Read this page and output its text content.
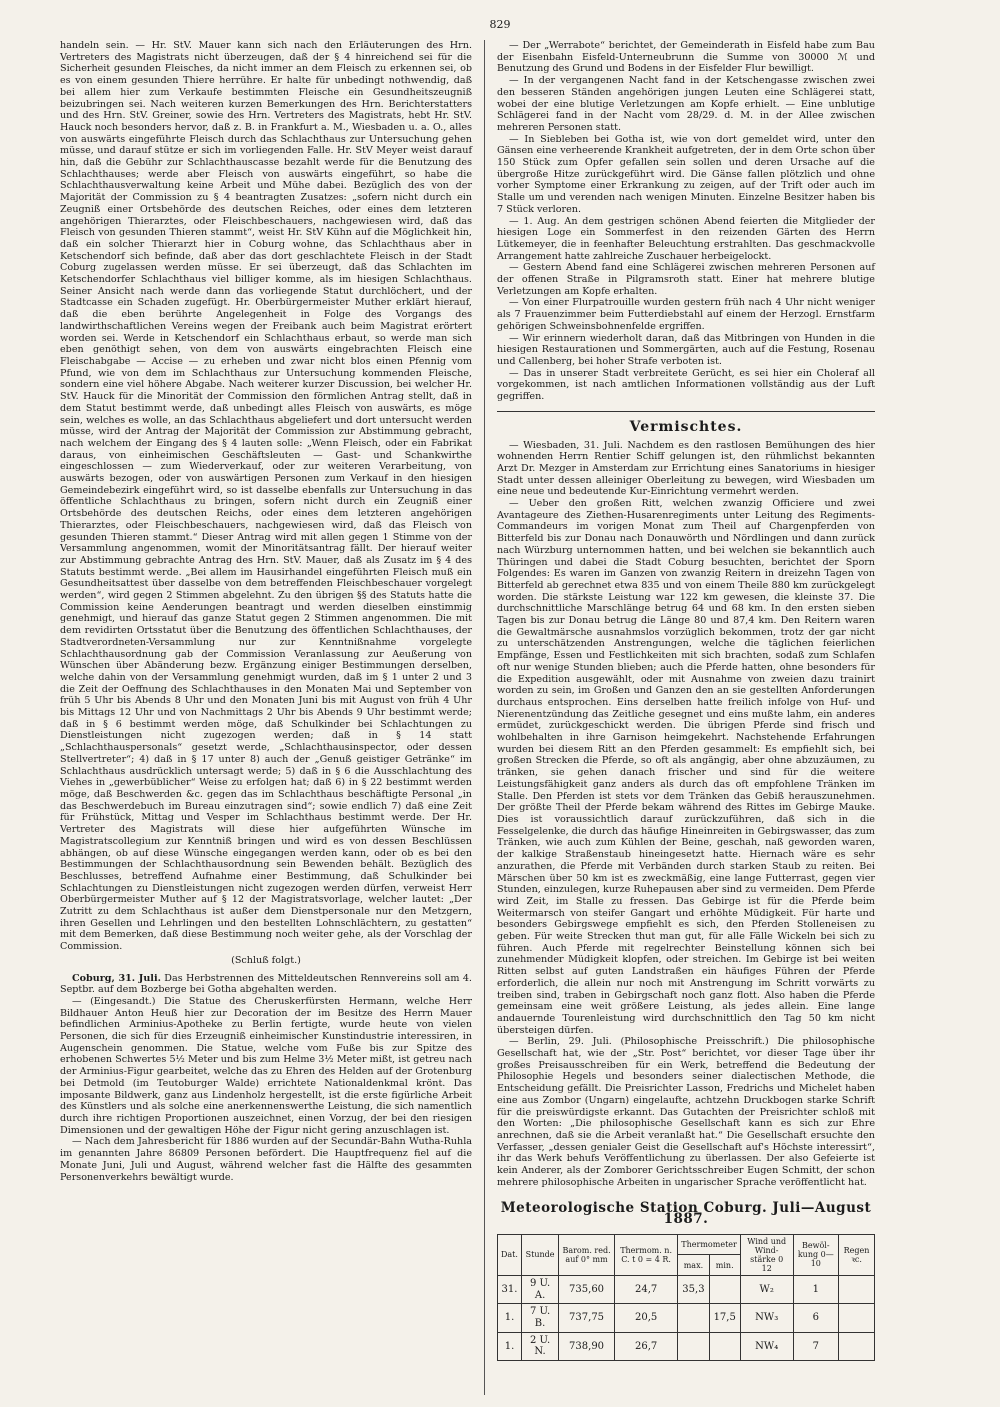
829

handeln sein. — Hr. StV. Mauer kann sich nach den Erläuterungen des Hrn. Vertreters des Magistrats nicht überzeugen, daß der § 4 hinreichend sei für die Sicherheit gesunden Fleisches, da nicht immer an dem Fleisch zu erkennen sei, ob es von einem gesunden Thiere herrühre. Er halte für unbedingt nothwendig, daß bei allem hier zum Verkaufe bestimmten Fleische ein Gesundheitszeugniß beizubringen sei. Nach weiteren kurzen Bemerkungen des Hrn. Berichterstatters und des Hrn. StV. Greiner, sowie des Hrn. Vertreters des Magistrats, hebt Hr. StV. Hauck noch besonders hervor, daß z. B. in Frankfurt a. M., Wiesbaden u. a. O., alles von auswärts eingeführte Fleisch durch das Schlachthaus zur Untersuchung gehen müsse, und darauf stütze er sich im vorliegenden Falle. Hr. StV Meyer weist darauf hin, daß die Gebühr zur Schlachthauscasse bezahlt werde für die Benutzung des Schlachthauses; werde aber Fleisch von auswärts eingeführt, so habe die Schlachthausverwaltung keine Arbeit und Mühe dabei. Bezüglich des von der Majorität der Commission zu § 4 beantragten Zusatzes: „sofern nicht durch ein Zeugniß einer Ortsbehörde des deutschen Reiches, oder eines dem letzteren angehörigen Thierarztes, oder Fleischbeschauers, nachgewiesen wird, daß das Fleisch von gesunden Thieren stammt“, weist Hr. StV Kühn auf die Möglichkeit hin, daß ein solcher Thierarzt hier in Coburg wohne, das Schlachthaus aber in Ketschendorf sich befinde, daß aber das dort geschlachtete Fleisch in der Stadt Coburg zugelassen werden müsse. Er sei überzeugt, daß das Schlachten im Ketschendorfer Schlachthaus viel billiger komme, als im hiesigen Schlachthaus. Seiner Ansicht nach werde dann das vorliegende Statut durchlöchert, und der Stadtcasse ein Schaden zugefügt. Hr. Oberbürgermeister Muther erklärt hierauf, daß die eben berührte Angelegenheit in Folge des Vorgangs des landwirthschaftlichen Vereins wegen der Freibank auch beim Magistrat erörtert worden sei. Werde in Ketschendorf ein Schlachthaus erbaut, so werde man sich eben genöthigt sehen, von dem von auswärts eingebrachten Fleisch eine Fleischabgabe — Accise — zu erheben und zwar nicht blos einen Pfennig vom Pfund, wie von dem im Schlachthaus zur Untersuchung kommenden Fleische, sondern eine viel höhere Abgabe. Nach weiterer kurzer Discussion, bei welcher Hr. StV. Hauck für die Minorität der Commission den förmlichen Antrag stellt, daß in dem Statut bestimmt werde, daß unbedingt alles Fleisch von auswärts, es möge sein, welches es wolle, an das Schlachthaus abgeliefert und dort untersucht werden müsse, wird der Antrag der Majorität der Commission zur Abstimmung gebracht, nach welchem der Eingang des § 4 lauten solle: „Wenn Fleisch, oder ein Fabrikat daraus, von einheimischen Geschäftsleuten — Gast- und Schankwirthe eingeschlossen — zum Wiederverkauf, oder zur weiteren Verarbeitung, von auswärts bezogen, oder von auswärtigen Personen zum Verkauf in den hiesigen Gemeindebezirk eingeführt wird, so ist dasselbe ebenfalls zur Untersuchung in das öffentliche Schlachthaus zu bringen, sofern nicht durch ein Zeugniß einer Ortsbehörde des deutschen Reichs, oder eines dem letzteren angehörigen Thierarztes, oder Fleischbeschauers, nachgewiesen wird, daß das Fleisch von gesunden Thieren stammt.“ Dieser Antrag wird mit allen gegen 1 Stimme von der Versammlung angenommen, womit der Minoritätsantrag fällt. Der hierauf weiter zur Abstimmung gebrachte Antrag des Hrn. StV. Mauer, daß als Zusatz im § 4 des Statuts bestimmt werde. „Bei allem im Hausirhandel eingeführten Fleisch muß ein Gesundheitsattest über dasselbe von dem betreffenden Fleischbeschauer vorgelegt werden“, wird gegen 2 Stimmen abgelehnt. Zu den übrigen §§ des Statuts hatte die Commission keine Aenderungen beantragt und werden dieselben einstimmig genehmigt, und hierauf das ganze Statut gegen 2 Stimmen angenommen. Die mit dem revidirten Ortsstatut über die Benutzung des öffentlichen Schlachthauses, der Stadtverordneten-Versammlung nur zur Kenntnißnahme vorgelegte Schlachthausordnung gab der Commission Veranlassung zur Aeußerung von Wünschen über Abänderung bezw. Ergänzung einiger Bestimmungen derselben, welche dahin von der Versammlung genehmigt wurden, daß im § 1 unter 2 und 3 die Zeit der Oeffnung des Schlachthauses in den Monaten Mai und September von früh 5 Uhr bis Abends 8 Uhr und den Monaten Juni bis mit August von früh 4 Uhr bis Mittags 12 Uhr und von Nachmittags 2 Uhr bis Abends 9 Uhr bestimmt werde; daß in § 6 bestimmt werden möge, daß Schulkinder bei Schlachtungen zu Dienstleistungen nicht zugezogen werden; daß in § 14 statt „Schlachthauspersonals“ gesetzt werde, „Schlachthausinspector, oder dessen Stellvertreter“; 4) daß in § 17 unter 8) auch der „Genuß geistiger Getränke“ im Schlachthaus ausdrücklich untersagt werde; 5) daß in § 6 die Ausschlachtung des Viehes in „gewerbüblicher“ Weise zu erfolgen hat; daß 6) in § 22 bestimmt werden möge, daß Beschwerden &c. gegen das im Schlachthaus beschäftigte Personal „in das Beschwerdebuch im Bureau einzutragen sind“; sowie endlich 7) daß eine Zeit für Frühstück, Mittag und Vesper im Schlachthaus bestimmt werde. Der Hr. Vertreter des Magistrats will diese hier aufgeführten Wünsche im Magistratscollegium zur Kenntniß bringen und wird es von dessen Beschlüssen abhängen, ob auf diese Wünsche eingegangen werden kann, oder ob es bei den Bestimmungen der Schlachthausordnung sein Bewenden behält. Bezüglich des Beschlusses, betreffend Aufnahme einer Bestimmung, daß Schulkinder bei Schlachtungen zu Dienstleistungen nicht zugezogen werden dürfen, verweist Herr Oberbürgermeister Muther auf § 12 der Magistratsvorlage, welcher lautet: „Der Zutritt zu dem Schlachthaus ist außer dem Dienstpersonale nur den Metzgern, ihren Gesellen und Lehrlingen und den bestellten Lohnschlächtern, zu gestatten“ mit dem Bemerken, daß diese Bestimmung noch weiter gehe, als der Vorschlag der Commission.

(Schluß folgt.)

Coburg, 31. Juli. Das Herbstrennen des Mitteldeutschen Rennvereins soll am 4. Septbr. auf dem Bozberge bei Gotha abgehalten werden.

— (Eingesandt.) Die Statue des Cheruskerfürsten Hermann, welche Herr Bildhauer Anton Heuß hier zur Decoration der im Besitze des Herrn Mauer befindlichen Arminius-Apotheke zu Berlin fertigte, wurde heute von vielen Personen, die sich für dies Erzeugniß einheimischer Kunstindustrie interessiren, in Augenschein genommen. Die Statue, welche vom Fuße bis zur Spitze des erhobenen Schwertes 5½ Meter und bis zum Helme 3½ Meter mißt, ist getreu nach der Arminius-Figur gearbeitet, welche das zu Ehren des Helden auf der Grotenburg bei Detmold (im Teutoburger Walde) errichtete Nationaldenkmal krönt. Das imposante Bildwerk, ganz aus Lindenholz hergestellt, ist die erste figürliche Arbeit des Künstlers und als solche eine anerkennenswerthe Leistung, die sich namentlich durch ihre richtigen Proportionen auszeichnet, einen Vorzug, der bei den riesigen Dimensionen und der gewaltigen Höhe der Figur nicht gering anzuschlagen ist.

— Nach dem Jahresbericht für 1886 wurden auf der Secundär-Bahn Wutha-Ruhla im genannten Jahre 86809 Personen befördert. Die Hauptfrequenz fiel auf die Monate Juni, Juli und August, während welcher fast die Hälfte des gesammten Personenverkehrs bewältigt wurde.

— Der „Werrabote“ berichtet, der Gemeinderath in Eisfeld habe zum Bau der Eisenbahn Eisfeld-Unterneubrunn die Summe von 30000 ℳ und Benutzung des Grund und Bodens in der Eisfelder Flur bewilligt.

— In der vergangenen Nacht fand in der Ketschengasse zwischen zwei den besseren Ständen angehörigen jungen Leuten eine Schlägerei statt, wobei der eine blutige Verletzungen am Kopfe erhielt. — Eine unblutige Schlägerei fand in der Nacht vom 28/29. d. M. in der Allee zwischen mehreren Personen statt.

— In Siebleben bei Gotha ist, wie von dort gemeldet wird, unter den Gänsen eine verheerende Krankheit aufgetreten, der in dem Orte schon über 150 Stück zum Opfer gefallen sein sollen und deren Ursache auf die übergroße Hitze zurückgeführt wird. Die Gänse fallen plötzlich und ohne vorher Symptome einer Erkrankung zu zeigen, auf der Trift oder auch im Stalle um und verenden nach wenigen Minuten. Einzelne Besitzer haben bis 7 Stück verloren.

— 1. Aug. An dem gestrigen schönen Abend feierten die Mitglieder der hiesigen Loge ein Sommerfest in den reizenden Gärten des Herrn Lütkemeyer, die in feenhafter Beleuchtung erstrahlten. Das geschmackvolle Arrangement hatte zahlreiche Zuschauer herbeigelockt.

— Gestern Abend fand eine Schlägerei zwischen mehreren Personen auf der offenen Straße in Pilgramsroth statt. Einer hat mehrere blutige Verletzungen am Kopfe erhalten.

— Von einer Flurpatrouille wurden gestern früh nach 4 Uhr nicht weniger als 7 Frauenzimmer beim Futterdiebstahl auf einem der Herzogl. Ernstfarm gehörigen Schweinsbohnenfelde ergriffen.

— Wir erinnern wiederholt daran, daß das Mitbringen von Hunden in die hiesigen Restaurationen und Sommergärten, auch auf die Festung, Rosenau und Callenberg, bei hoher Strafe verboten ist.

— Das in unserer Stadt verbreitete Gerücht, es sei hier ein Choleraf all vorgekommen, ist nach amtlichen Informationen vollständig aus der Luft gegriffen.

Vermischtes.

— Wiesbaden, 31. Juli. Nachdem es den rastlosen Bemühungen des hier wohnenden Herrn Rentier Schiff gelungen ist, den rühmlichst bekannten Arzt Dr. Mezger in Amsterdam zur Errichtung eines Sanatoriums in hiesiger Stadt unter dessen alleiniger Oberleitung zu bewegen, wird Wiesbaden um eine neue und bedeutende Kur-Einrichtung vermehrt werden.

— Ueber den großen Ritt, welchen zwanzig Officiere und zwei Avantageure des Ziethen-Husarenregiments unter Leitung des Regiments-Commandeurs im vorigen Monat zum Theil auf Chargenpferden von Bitterfeld bis zur Donau nach Donauwörth und Nördlingen und dann zurück nach Würzburg unternommen hatten, und bei welchen sie bekanntlich auch Thüringen und dabei die Stadt Coburg besuchten, berichtet der Sporn Folgendes: Es waren im Ganzen von zwanzig Reitern in dreizehn Tagen von Bitterfeld ab gerechnet etwa 835 und von einem Theile 880 km zurückgelegt worden. Die stärkste Leistung war 122 km gewesen, die kleinste 37. Die durchschnittliche Marschlänge betrug 64 und 68 km. In den ersten sieben Tagen bis zur Donau betrug die Länge 80 und 87,4 km. Den Reitern waren die Gewaltmärsche ausnahmslos vorzüglich bekommen, trotz der gar nicht zu unterschätzenden Anstrengungen, welche die täglichen feierlichen Empfänge, Essen und Festlichkeiten mit sich brachten, sodaß zum Schlafen oft nur wenige Stunden blieben; auch die Pferde hatten, ohne besonders für die Expedition ausgewählt, oder mit Ausnahme von zweien dazu trainirt worden zu sein, im Großen und Ganzen den an sie gestellten Anforderungen durchaus entsprochen. Eins derselben hatte freilich infolge von Huf- und Nierenentzündung das Zeitliche gesegnet und eins mußte lahm, ein anderes ermüdet, zurückgeschickt werden. Die übrigen Pferde sind frisch und wohlbehalten in ihre Garnison heimgekehrt. Nachstehende Erfahrungen wurden bei diesem Ritt an den Pferden gesammelt: Es empfiehlt sich, bei großen Strecken die Pferde, so oft als angängig, aber ohne abzuzäumen, zu tränken, sie gehen danach frischer und sind für die weitere Leistungsfähigkeit ganz anders als durch das oft empfohlene Tränken im Stalle. Den Pferden ist stets vor dem Tränken das Gebiß herauszunehmen. Der größte Theil der Pferde bekam während des Rittes im Gebirge Mauke. Dies ist voraussichtlich darauf zurückzuführen, daß sich in die Fesselgelenke, die durch das häufige Hineinreiten in Gebirgswasser, das zum Tränken, wie auch zum Kühlen der Beine, geschah, naß geworden waren, der kalkige Straßenstaub hineingesetzt hatte. Hiernach wäre es sehr anzurathen, die Pferde mit Verbänden durch starken Staub zu reiten. Bei Märschen über 50 km ist es zweckmäßig, eine lange Futterrast, gegen vier Stunden, einzulegen, kurze Ruhepausen aber sind zu vermeiden. Dem Pferde wird Zeit, im Stalle zu fressen. Das Gebirge ist für die Pferde beim Weitermarsch von steifer Gangart und erhöhte Müdigkeit. Für harte und besonders Gebirgswege empfiehlt es sich, den Pferden Stolleneisen zu geben. Für weite Strecken thut man gut, für alle Fälle Wickeln bei sich zu führen. Auch Pferde mit regelrechter Beinstellung können sich bei zunehmender Müdigkeit klopfen, oder streichen. Im Gebirge ist bei weiten Ritten selbst auf guten Landstraßen ein häufiges Führen der Pferde erforderlich, die allein nur noch mit Anstrengung im Schritt vorwärts zu treiben sind, traben in Gebirgschaft noch ganz flott. Also haben die Pferde gemeinsam eine weit größere Leistung, als jedes allein. Eine lange andauernde Tourenleistung wird durchschnittlich den Tag 50 km nicht übersteigen dürfen.

— Berlin, 29. Juli. (Philosophische Preisschrift.) Die philosophische Gesellschaft hat, wie der „Str. Post“ berichtet, vor dieser Tage über ihr großes Preisausschreiben für ein Werk, betreffend die Bedeutung der Philosophie Hegels und besonders seiner dialectischen Methode, die Entscheidung gefällt. Die Preisrichter Lasson, Fredrichs und Michelet haben eine aus Zombor (Ungarn) eingelaufte, achtzehn Druckbogen starke Schrift für die preiswürdigste erkannt. Das Gutachten der Preisrichter schloß mit den Worten: „Die philosophische Gesellschaft kann es sich zur Ehre anrechnen, daß sie die Arbeit veranlaßt hat.“ Die Gesellschaft ersuchte den Verfasser, „dessen genialer Geist die Gesellschaft auf's Höchste interessirt“, ihr das Werk behufs Veröffentlichung zu überlassen. Der also Gefeierte ist kein Anderer, als der Zomborer Gerichtsschreiber Eugen Schmitt, der schon mehrere philosophische Arbeiten in ungarischer Sprache veröffentlicht hat.

Meteorologische Station Coburg. Juli—August 1887.
Dat.	Stunde	Barom. red. auf 0° mm	Thermom. n. C. t 0 = 4 R.	Thermometer		Wind und Wind-stärke 0 12	Bewöl-kung 0—10	Regen ꝛc.
				max.	min.			
31.	9 U. A.	735,60	24,7	35,3		W₂	1	
1.	7 U. B.	737,75	20,5		17,5	NW₃	6	
1.	2 U. N.	738,90	26,7			NW₄	7	
